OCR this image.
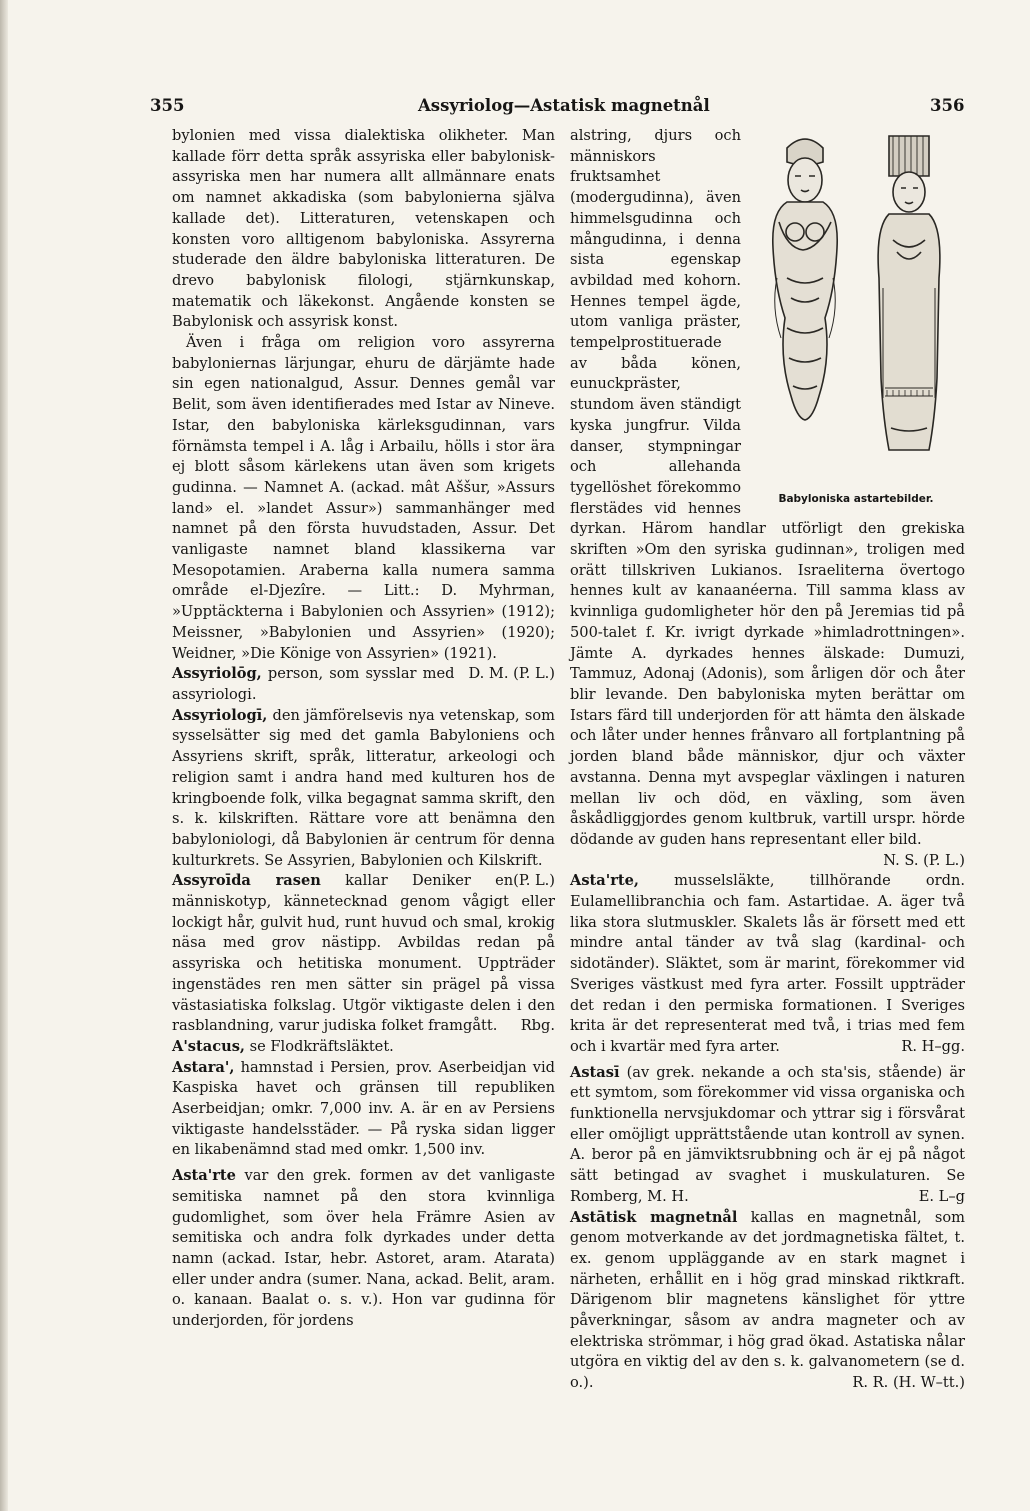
355	Assyriolog—Astatisk magnetnål	356

bylonien med vissa dialektiska olikheter. Man kallade förr detta språk assyriska eller babylonisk-assyriska men har numera allt allmännare enats om namnet akkadiska (som babylonierna själva kallade det). Litteraturen, vetenskapen och konsten voro alltigenom babyloniska. Assyrerna studerade den äldre babyloniska litteraturen. De drevo babylonisk filologi, stjärnkunskap, matematik och läkekonst. Angående konsten se Babylonisk och assyrisk konst.

Även i fråga om religion voro assyrerna babyloniernas lärjungar, ehuru de därjämte hade sin egen nationalgud, Assur. Dennes gemål var Belit, som även identifierades med Istar av Nineve. Istar, den babyloniska kärleksgudinnan, vars förnämsta tempel i A. låg i Arbailu, hölls i stor ära ej blott såsom kärlekens utan även som krigets gudinna. — Namnet A. (ackad. mât Aššur, »Assurs land» el. »landet Assur») sammanhänger med namnet på den första huvudstaden, Assur. Det vanligaste namnet bland klassikerna var Mesopotamien. Araberna kalla numera samma område el-Djezîre. — Litt.: D. Myhrman, »Upptäckterna i Babylonien och Assyrien» (1912); Meissner, »Babylonien und Assyrien» (1920); Weidner, »Die Könige von Assyrien» (1921).
D. M. (P. L.)

Assyriolōg, person, som sysslar med assyriologi.

Assyriologī, den jämförelsevis nya vetenskap, som sysselsätter sig med det gamla Babyloniens och Assyriens skrift, språk, litteratur, arkeologi och religion samt i andra hand med kulturen hos de kringboende folk, vilka begagnat samma skrift, den s. k. kilskriften. Rättare vore att benämna den babyloniologi, då Babylonien är centrum för denna kulturkrets. Se Assyrien, Babylonien och Kilskrift.
(P. L.)

Assyroīda rasen kallar Deniker en människotyp, kännetecknad genom vågigt eller lockigt hår, gulvit hud, runt huvud och smal, krokig näsa med grov nästipp. Avbildas redan på assyriska och hetitiska monument. Uppträder ingenstädes ren men sätter sin prägel på vissa västasiatiska folkslag. Utgör viktigaste delen i den rasblandning, varur judiska folket framgått. Rbg.

A'stacus, se Flodkräftsläktet.

Astara', hamnstad i Persien, prov. Aserbeidjan vid Kaspiska havet och gränsen till republiken Aserbeidjan; omkr. 7,000 inv. A. är en av Persiens viktigaste handelsstäder. — På ryska sidan ligger en likabenämnd stad med omkr. 1,500 inv.

Asta'rte var den grek. formen av det vanligaste semitiska namnet på den stora kvinnliga gudomlighet, som över hela Främre Asien av semitiska och andra folk dyrkades under detta namn (ackad. Istar, hebr. Astoret, aram. Atarata) eller under andra (sumer. Nana, ackad. Belit, aram. o. kanaan. Baalat o. s. v.). Hon var gudinna för underjorden, för jordens

Babyloniska astartebilder.

alstring, djurs och människors fruktsamhet (modergudinna), även himmelsgudinna och mångudinna, i denna sista egenskap avbildad med kohorn. Hennes tempel ägde, utom vanliga präster, tempelprostituerade av båda könen, eunuckpräster, stundom även ständigt kyska jungfrur. Vilda danser, stympningar och allehanda tygellöshet förekommo flerstädes vid hennes dyrkan. Härom handlar utförligt den grekiska skriften »Om den syriska gudinnan», troligen med orätt tillskriven Lukianos. Israeliterna övertogo hennes kult av kanaanéerna. Till samma klass av kvinnliga gudomligheter hör den på Jeremias tid på 500-talet f. Kr. ivrigt dyrkade »himladrottningen». Jämte A. dyrkades hennes älskade: Dumuzi, Tammuz, Adonaj (Adonis), som årligen dör och åter blir levande. Den babyloniska myten berättar om Istars färd till underjorden för att hämta den älskade och låter under hennes frånvaro all fortplantning på jorden bland både människor, djur och växter avstanna. Denna myt avspeglar växlingen i naturen mellan liv och död, en växling, som även åskådliggjordes genom kultbruk, vartill urspr. hörde dödande av guden hans representant eller bild.
N. S. (P. L.)

Asta'rte, musselsläkte, tillhörande ordn. Eulamellibranchia och fam. Astartidae. A. äger två lika stora slutmuskler. Skalets lås är försett med ett mindre antal tänder av två slag (kardinal- och sidotänder). Släktet, som är marint, förekommer vid Sveriges västkust med fyra arter. Fossilt uppträder det redan i den permiska formationen. I Sveriges krita är det representerat med två, i trias med fem och i kvartär med fyra arter.	R. H–gg.

Astasī (av grek. nekande a och sta'sis, stående) är ett symtom, som förekommer vid vissa organiska och funktionella nervsjukdomar och yttrar sig i försvårat eller omöjligt upprättstående utan kontroll av synen. A. beror på en jämviktsrubbning och är ej på något sätt betingad av svaghet i muskulaturen. Se Romberg, M. H.	E. L–g

Astātisk magnetnål kallas en magnetnål, som genom motverkande av det jordmagnetiska fältet, t. ex. genom uppläggande av en stark magnet i närheten, erhållit en i hög grad minskad riktkraft. Därigenom blir magnetens känslighet för yttre påverkningar, såsom av andra magneter och av elektriska strömmar, i hög grad ökad. Astatiska nålar utgöra en viktig del av den s. k. galvanometern (se d. o.).	R. R. (H. W–tt.)
